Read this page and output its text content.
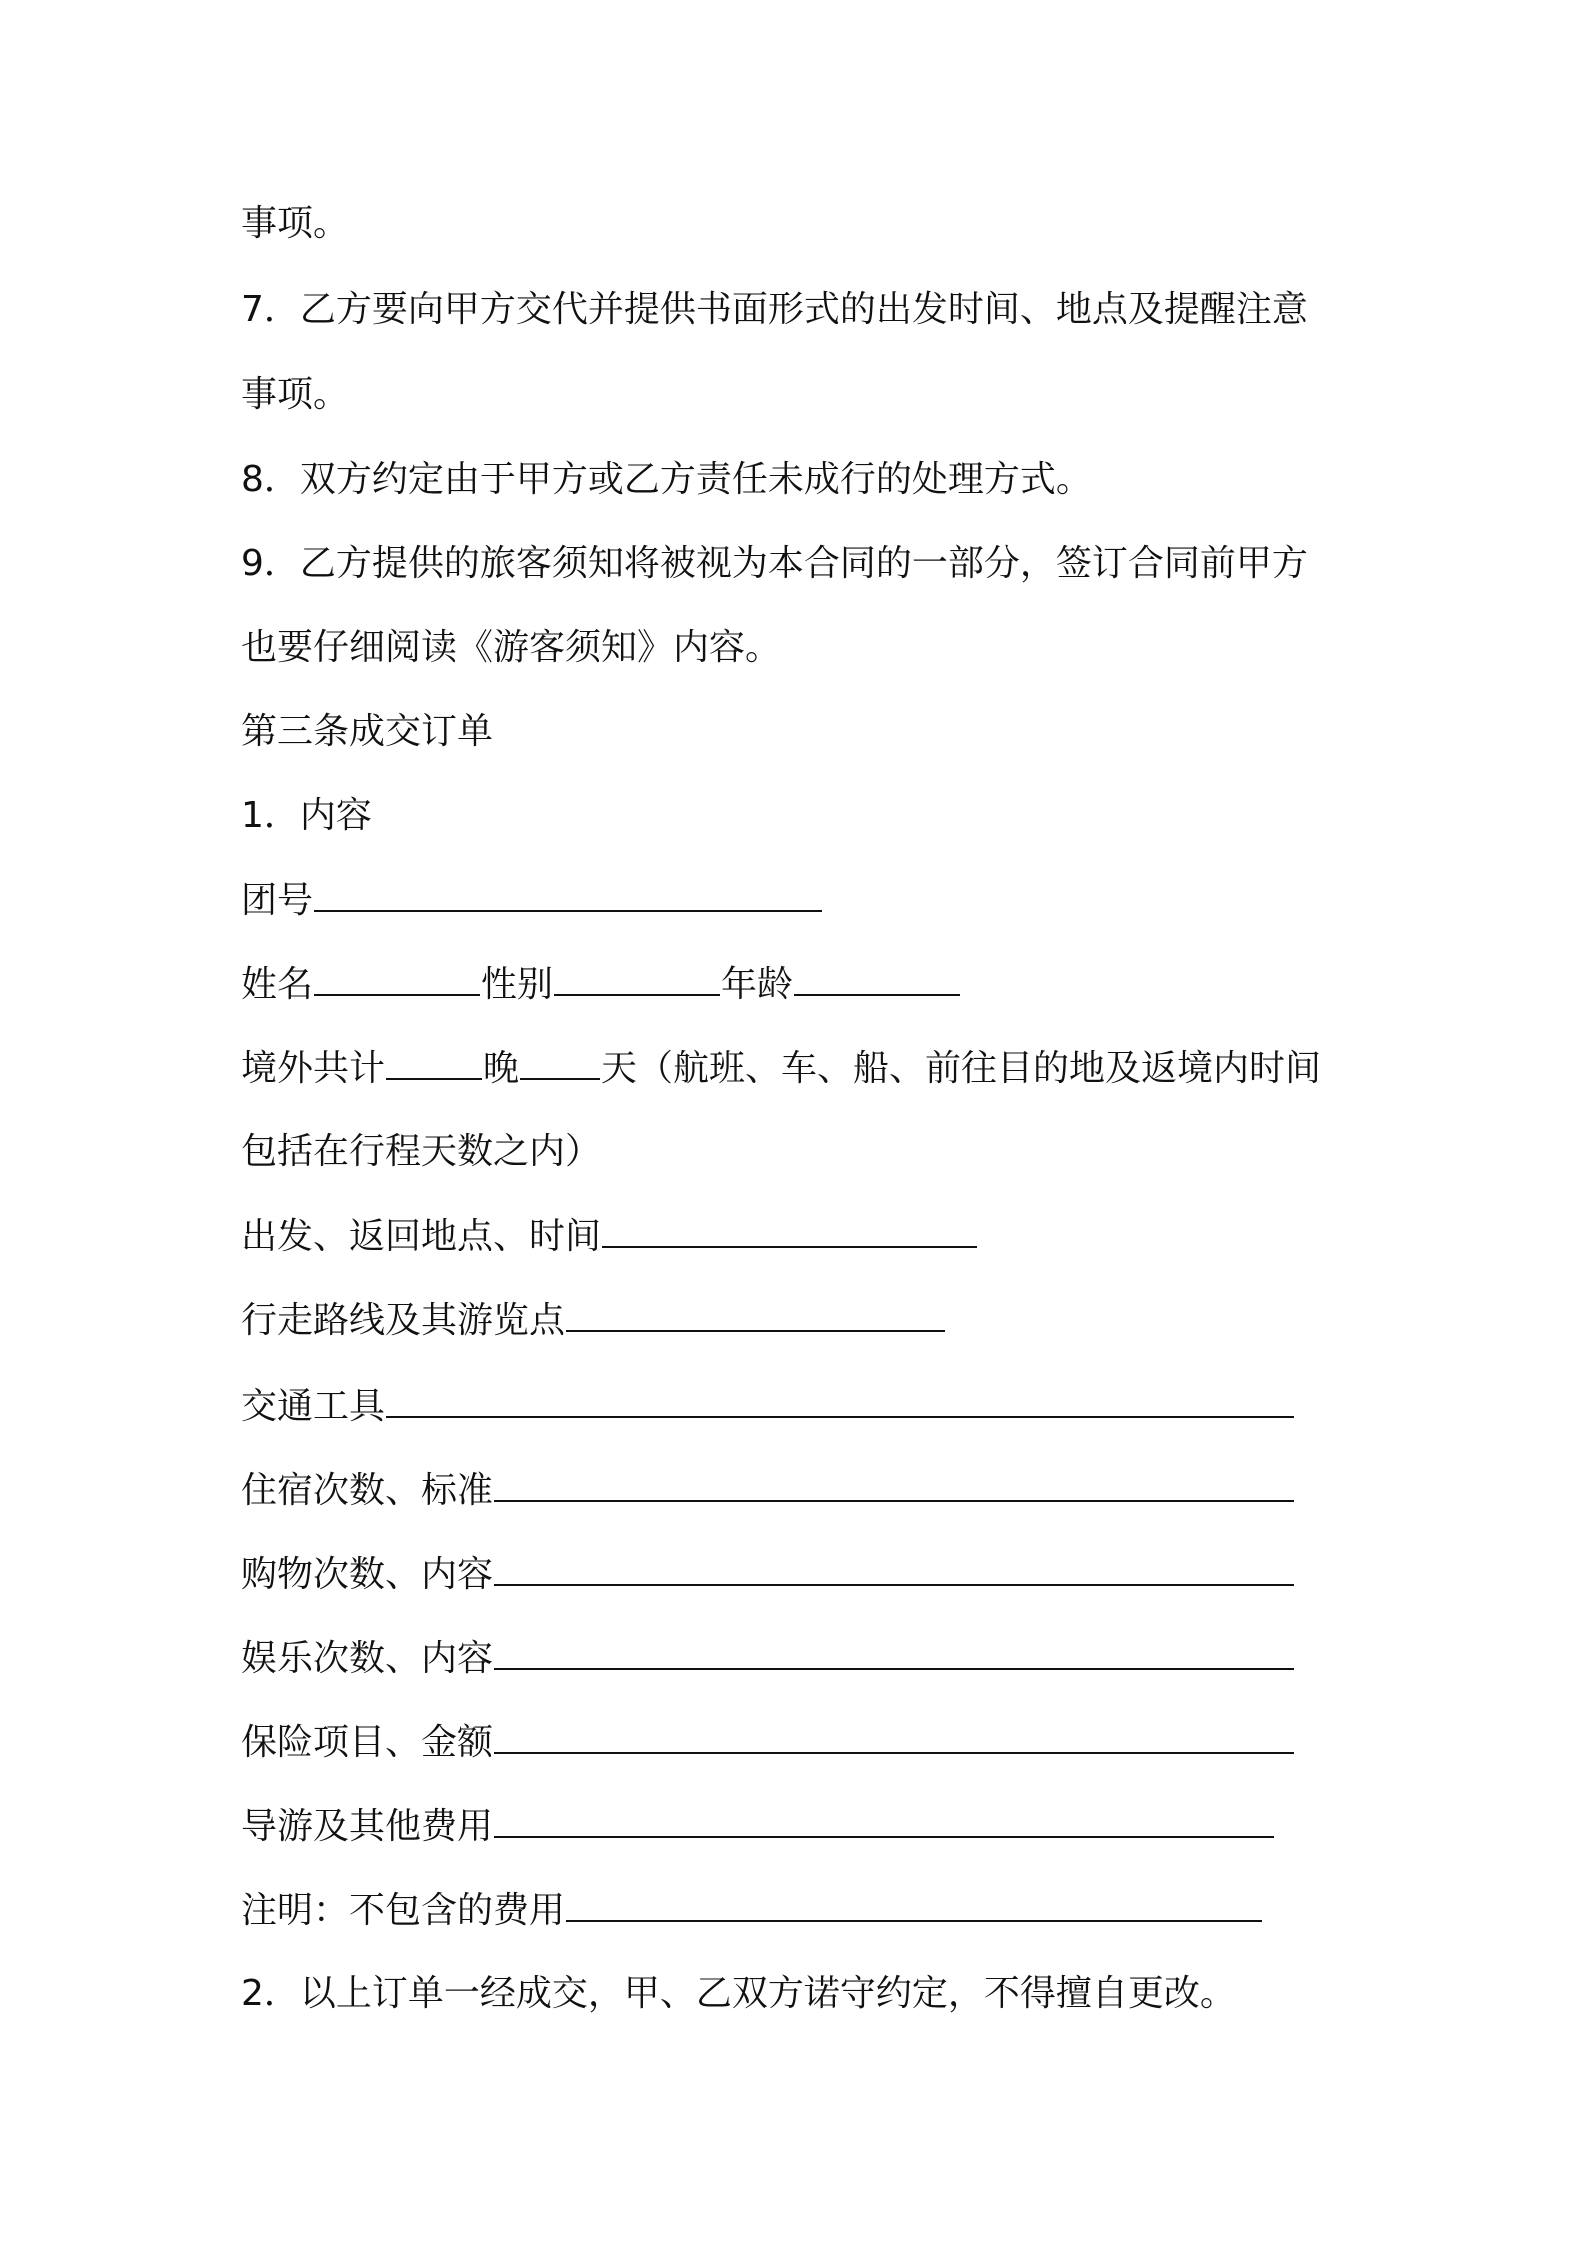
事项。
7．乙方要向甲方交代并提供书面形式的出发时间、地点及提醒注意
事项。
8．双方约定由于甲方或乙方责任未成行的处理方式。
9．乙方提供的旅客须知将被视为本合同的一部分，签订合同前甲方
也要仔细阅读《游客须知》内容。
第三条成交订单
1．内容
团号
姓名	性别	年龄
境外共计	晚 天（航班、车、船、前往目的地及返境内时间
包括在行程天数之内）
出发、返回地点、时间
行走路线及其游览点
交通工具
住宿次数、标准
购物次数、内容
娱乐次数、内容
保险项目、金额
导游及其他费用
注明：不包含的费用
2．以上订单一经成交，甲、乙双方诺守约定，不得擅自更改。
